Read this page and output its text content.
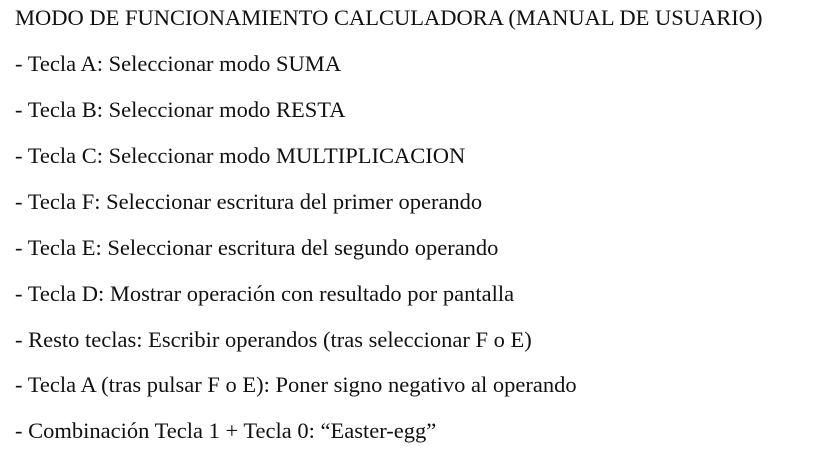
MODO DE FUNCIONAMIENTO CALCULADORA (MANUAL DE USUARIO)
- Tecla A: Seleccionar modo SUMA
- Tecla B: Seleccionar modo RESTA
- Tecla C: Seleccionar modo MULTIPLICACION
- Tecla F: Seleccionar escritura del primer operando
- Tecla E: Seleccionar escritura del segundo operando
- Tecla D: Mostrar operación con resultado por pantalla
- Resto teclas: Escribir operandos (tras seleccionar F o E)
- Tecla A (tras pulsar F o E): Poner signo negativo al operando
- Combinación Tecla 1 + Tecla 0: “Easter-egg”
